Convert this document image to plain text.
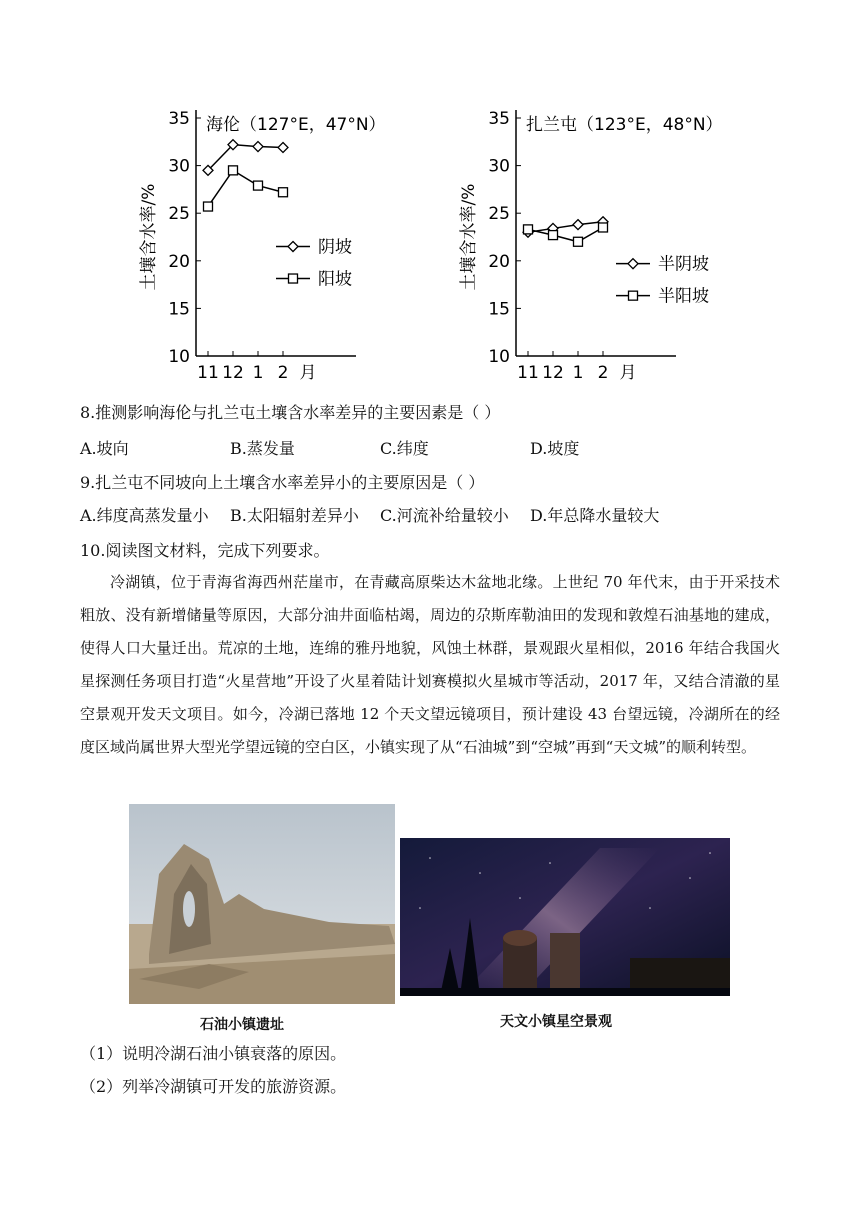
35
30
25
20
15
10
11 12 1 2 月
土壤含水率/%
海伦（127°E，47°N）
阴坡
阳坡
35
30
25
20
15
10
11 12 1 2 月
土壤含水率/%
扎兰屯（123°E，48°N）
半阴坡
半阳坡
8.推测影响海伦与扎兰屯土壤含水率差异的主要因素是（ ）
A.坡向	B.蒸发量	C.纬度	D.坡度
9.扎兰屯不同坡向上土壤含水率差异小的主要原因是（ ）
A.纬度高蒸发量小 B.太阳辐射差异小 C.河流补给量较小 D.年总降水量较大
10.阅读图文材料，完成下列要求。
冷湖镇，位于青海省海西州茫崖市，在青藏高原柴达木盆地北缘。上世纪 70 年代末，由于开采技术粗放、没有新增储量等原因，大部分油井面临枯竭，周边的尕斯库勒油田的发现和敦煌石油基地的建成，使得人口大量迁出。荒凉的土地，连绵的雅丹地貌，风蚀土林群，景观跟火星相似，2016 年结合我国火星探测任务项目打造“火星营地”开设了火星着陆计划赛模拟火星城市等活动，2017 年，又结合清澈的星空景观开发天文项目。如今，冷湖已落地 12 个天文望远镜项目，预计建设 43 台望远镜，冷湖所在的经度区域尚属世界大型光学望远镜的空白区，小镇实现了从“石油城”到“空城”再到“天文城”的顺利转型。
石油小镇遗址	天文小镇星空景观
（1）说明冷湖石油小镇衰落的原因。
（2）列举冷湖镇可开发的旅游资源。
